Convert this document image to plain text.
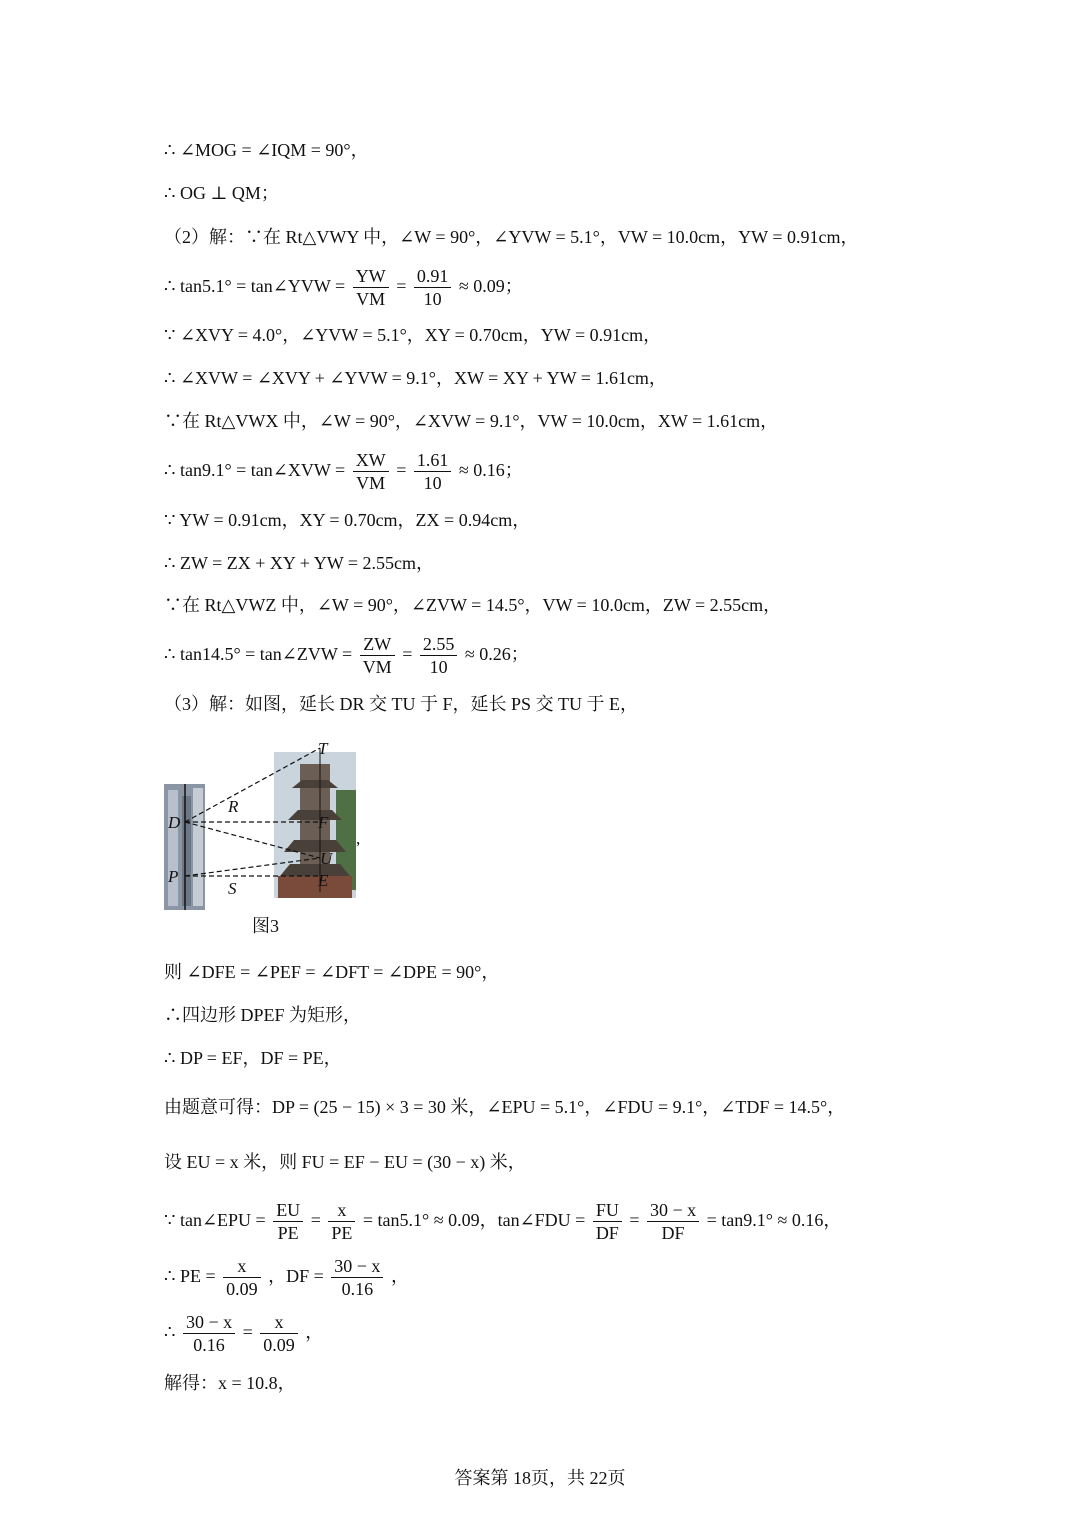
∴ ∠MOG = ∠IQM = 90°，
∴ OG ⊥ QM；
（2）解：∵在 Rt△VWY 中，∠W = 90°，∠YVW = 5.1°，VW = 10.0cm，YW = 0.91cm，
∴ tan5.1° = tan∠YVW = $\frac{YW}{VM} = \frac{0.91}{10} \approx 0.09$；
∵ ∠XVY = 4.0°，∠YVW = 5.1°，XY = 0.70cm，YW = 0.91cm，
∴ ∠XVW = ∠XVY + ∠YVW = 9.1°，XW = XY + YW = 1.61cm，
∵在 Rt△VWX 中，∠W = 90°，∠XVW = 9.1°，VW = 10.0cm，XW = 1.61cm，
∴ tan9.1° = tan∠XVW = $\frac{XW}{VM} = \frac{1.61}{10} \approx 0.16$；
∵ YW = 0.91cm，XY = 0.70cm，ZX = 0.94cm，
∴ ZW = ZX + XY + YW = 2.55cm，
∵在 Rt△VWZ 中，∠W = 90°，∠ZVW = 14.5°，VW = 10.0cm，ZW = 2.55cm，
∴ tan14.5° = tan∠ZVW = $\frac{ZW}{VM} = \frac{2.55}{10} \approx 0.26$；
（3）解：如图，延长 DR 交 TU 于 F，延长 PS 交 TU 于 E，
T
R
D	F
U
P
S	E
,
图3
则 ∠DFE = ∠PEF = ∠DFT = ∠DPE = 90°，
∴四边形 DPEF 为矩形，
∴ DP = EF，DF = PE，
由题意可得：DP = (25 − 15) × 3 = 30 米，∠EPU = 5.1°，∠FDU = 9.1°，∠TDF = 14.5°，
设 EU = x 米，则 FU = EF − EU = (30 − x) 米，
∵ tan∠EPU = $\frac{EU}{PE} = \frac{x}{PE} = \tan 5.1^\circ \approx 0.09$，tan∠FDU = $\frac{FU}{DF} = \frac{30 - x}{DF} = \tan 9.1^\circ \approx 0.16$，
∴ PE = $\frac{x}{0.09}$ ，DF = $\frac{30 - x}{0.16}$ ，
∴ $\frac{30 - x}{0.16} = \frac{x}{0.09}$ ，
解得：x = 10.8，
答案第 18页，共 22页
